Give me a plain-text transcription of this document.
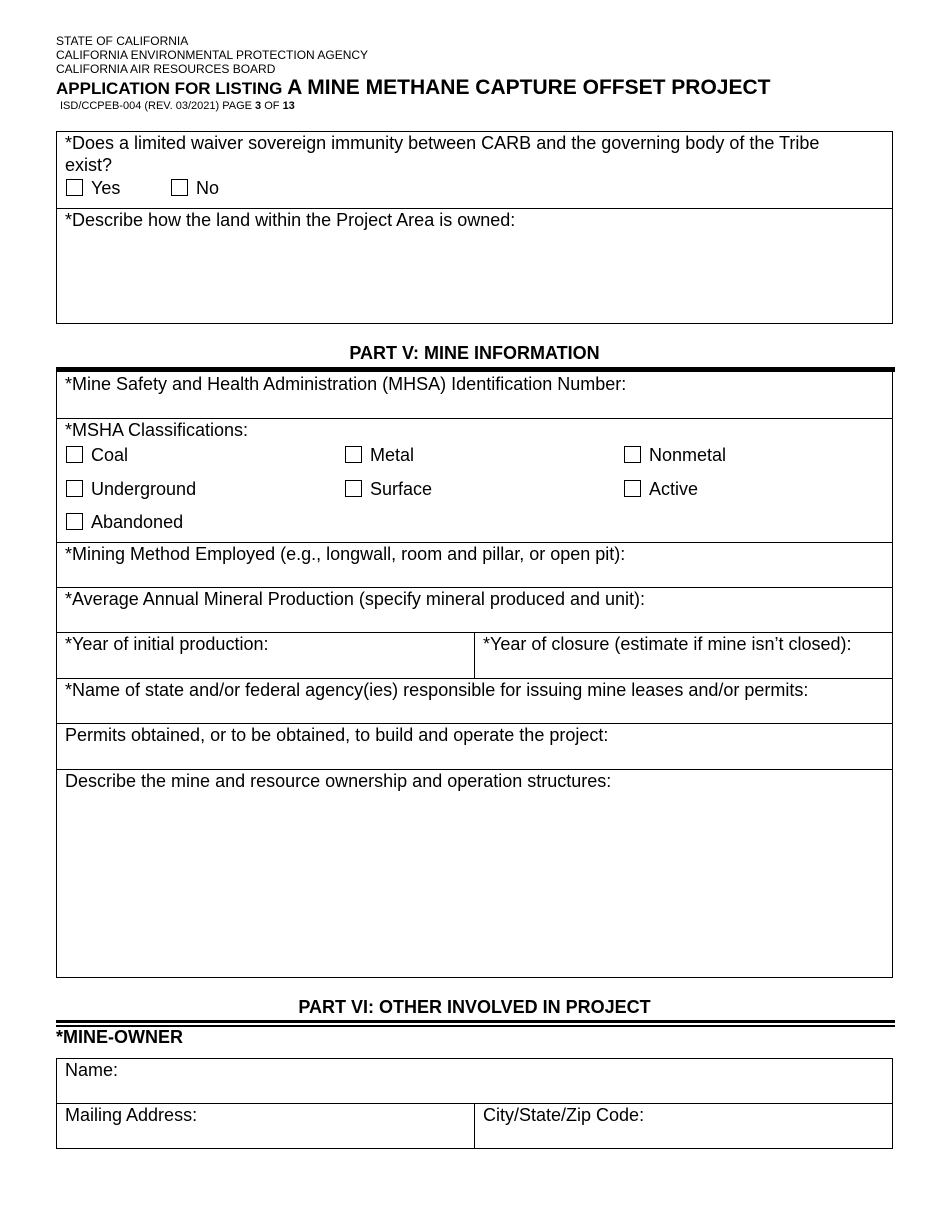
STATE OF CALIFORNIA
CALIFORNIA ENVIRONMENTAL PROTECTION AGENCY
CALIFORNIA AIR RESOURCES BOARD
APPLICATION FOR LISTING A MINE METHANE CAPTURE OFFSET PROJECT
ISD/CCPEB-004 (REV. 03/2021) PAGE 3 OF 13
*Does a limited waiver sovereign immunity between CARB and the governing body of the Tribe
exist?
Yes	No
*Describe how the land within the Project Area is owned:
PART V: MINE INFORMATION
*Mine Safety and Health Administration (MHSA) Identification Number:
*MSHA Classifications:
Coal	Metal	Nonmetal
Underground	Surface	Active
Abandoned
*Mining Method Employed (e.g., longwall, room and pillar, or open pit):
*Average Annual Mineral Production (specify mineral produced and unit):
*Year of initial production:	*Year of closure (estimate if mine isn’t closed):
*Name of state and/or federal agency(ies) responsible for issuing mine leases and/or permits:
Permits obtained, or to be obtained, to build and operate the project:
Describe the mine and resource ownership and operation structures:
PART VI: OTHER INVOLVED IN PROJECT
*MINE-OWNER
Name:
Mailing Address:	City/State/Zip Code:
